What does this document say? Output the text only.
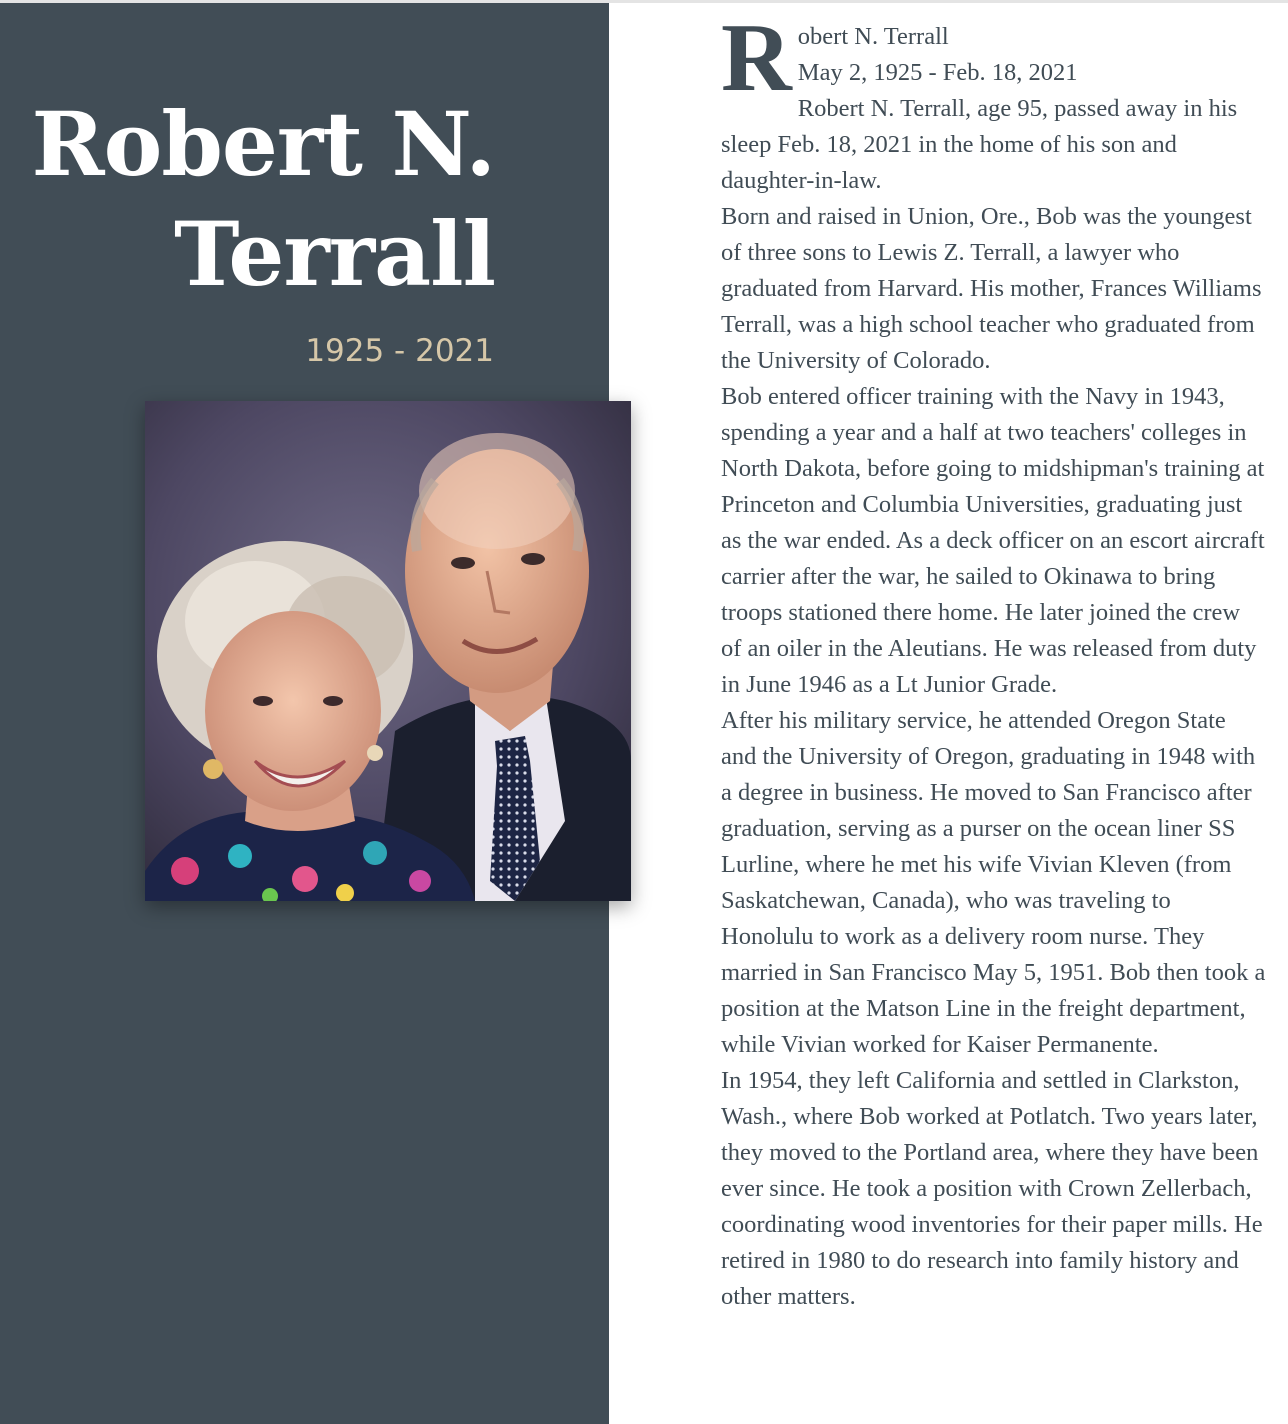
Robert N.
Terrall
1925 - 2021
R obert N. Terrall
May 2, 1925 - Feb. 18, 2021

Robert N. Terrall, age 95, passed away in his sleep Feb. 18, 2021 in the home of his son and daughter-in-law.

Born and raised in Union, Ore., Bob was the youngest of three sons to Lewis Z. Terrall, a lawyer who graduated from Harvard. His mother, Frances Williams Terrall, was a high school teacher who graduated from the University of Colorado.

Bob entered officer training with the Navy in 1943, spending a year and a half at two teachers' colleges in North Dakota, before going to midshipman's training at Princeton and Columbia Universities, graduating just as the war ended. As a deck officer on an escort aircraft carrier after the war, he sailed to Okinawa to bring troops stationed there home. He later joined the crew of an oiler in the Aleutians. He was released from duty in June 1946 as a Lt Junior Grade.

After his military service, he attended Oregon State and the University of Oregon, graduating in 1948 with a degree in business. He moved to San Francisco after graduation, serving as a purser on the ocean liner SS Lurline, where he met his wife Vivian Kleven (from Saskatchewan, Canada), who was traveling to Honolulu to work as a delivery room nurse. They married in San Francisco May 5, 1951. Bob then took a position at the Matson Line in the freight department, while Vivian worked for Kaiser Permanente.

In 1954, they left California and settled in Clarkston, Wash., where Bob worked at Potlatch. Two years later, they moved to the Portland area, where they have been ever since. He took a position with Crown Zellerbach, coordinating wood inventories for their paper mills. He retired in 1980 to do research into family history and other matters.
